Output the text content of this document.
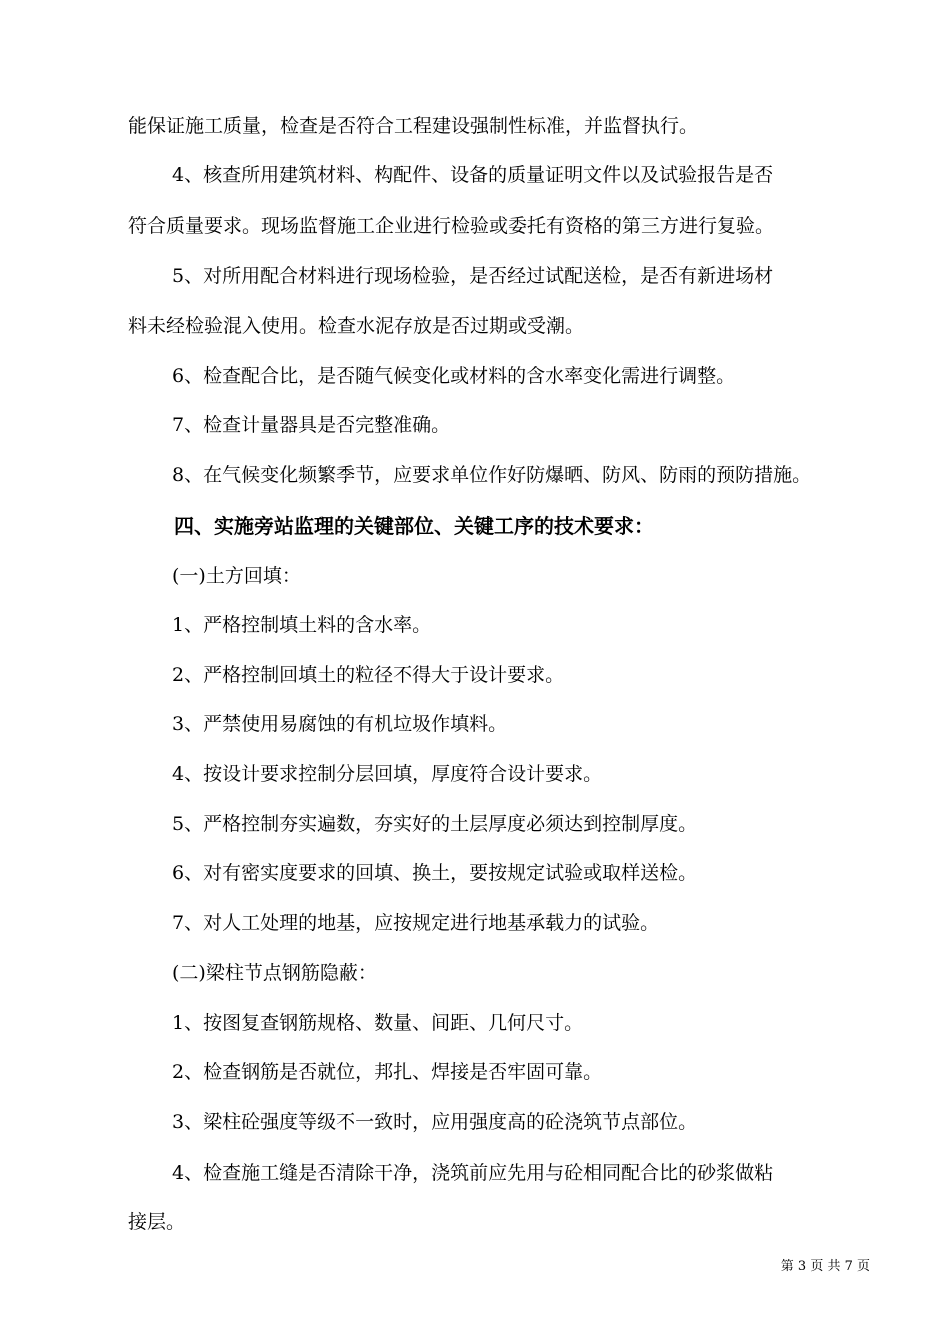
能保证施工质量，检查是否符合工程建设强制性标准，并监督执行。
4、核查所用建筑材料、构配件、设备的质量证明文件以及试验报告是否
符合质量要求。现场监督施工企业进行检验或委托有资格的第三方进行复验。
5、对所用配合材料进行现场检验，是否经过试配送检，是否有新进场材
料未经检验混入使用。检查水泥存放是否过期或受潮。
6、检查配合比，是否随气候变化或材料的含水率变化需进行调整。
7、检查计量器具是否完整准确。
8、在气候变化频繁季节，应要求单位作好防爆晒、防风、防雨的预防措施。
四、实施旁站监理的关键部位、关键工序的技术要求：
(一)土方回填：
1、严格控制填土料的含水率。
2、严格控制回填土的粒径不得大于设计要求。
3、严禁使用易腐蚀的有机垃圾作填料。
4、按设计要求控制分层回填，厚度符合设计要求。
5、严格控制夯实遍数，夯实好的土层厚度必须达到控制厚度。
6、对有密实度要求的回填、换土，要按规定试验或取样送检。
7、对人工处理的地基，应按规定进行地基承载力的试验。
(二)梁柱节点钢筋隐蔽：
1、按图复查钢筋规格、数量、间距、几何尺寸。
2、检查钢筋是否就位，邦扎、焊接是否牢固可靠。
3、梁柱砼强度等级不一致时，应用强度高的砼浇筑节点部位。
4、检查施工缝是否清除干净，浇筑前应先用与砼相同配合比的砂浆做粘
接层。
第 3 页 共 7 页
